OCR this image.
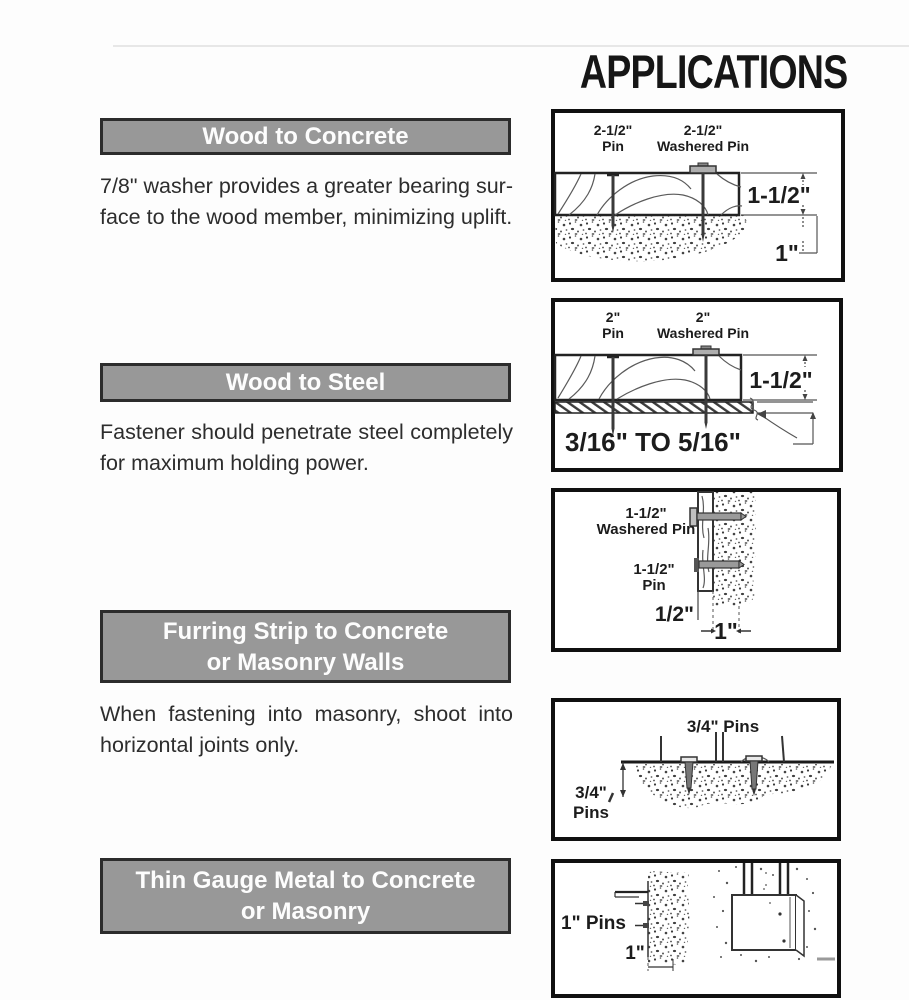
APPLICATIONS
Wood to Concrete
7/8" washer provides a greater bearing sur-
face to the wood member, minimizing uplift.
Wood to Steel
Fastener should penetrate steel completely
for maximum holding power.
Furring Strip to Concrete
or Masonry Walls
When fastening into masonry, shoot into
horizontal joints only.
Thin Gauge Metal to Concrete
or Masonry
2-1/2"
Pin
2-1/2"
Washered Pin
1-1/2"
1"
2"
Pin
2"
Washered Pin
1-1/2"
3/16" TO 5/16"
1-1/2"
Washered Pin
1-1/2"
Pin
1/2"
1"
3/4" Pins
3/4"
Pins
1" Pins
1"
